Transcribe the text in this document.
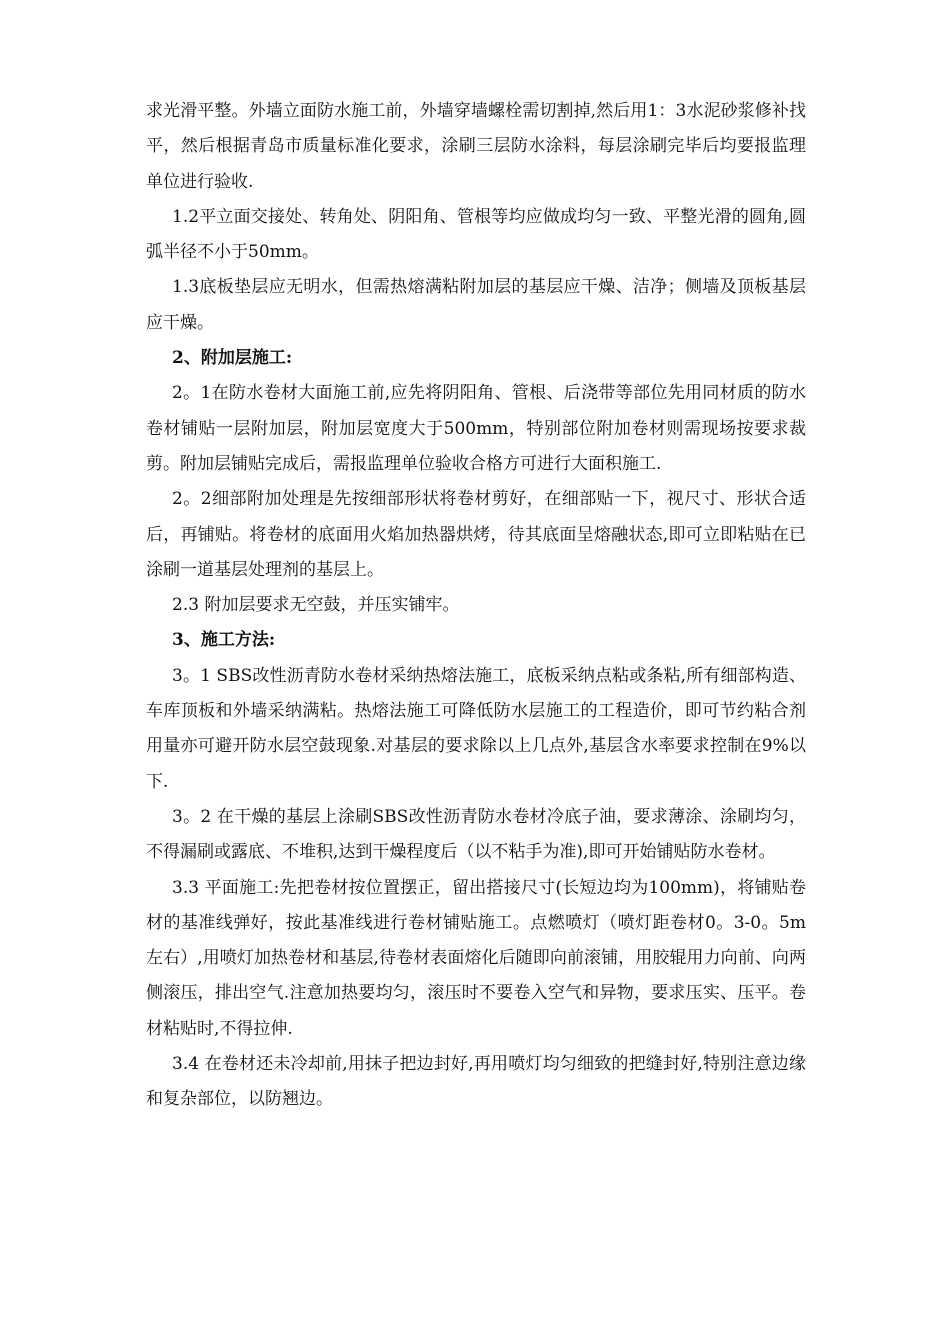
求光滑平整。外墙立面防水施工前，外墙穿墙螺栓需切割掉,然后用1：3水泥砂浆修补找平，然后根据青岛市质量标准化要求，涂刷三层防水涂料，每层涂刷完毕后均要报监理单位进行验收.

1.2平立面交接处、转角处、阴阳角、管根等均应做成均匀一致、平整光滑的圆角,圆弧半径不小于50mm。

1.3底板垫层应无明水，但需热熔满粘附加层的基层应干燥、洁净；侧墙及顶板基层应干燥。

2、附加层施工:

2。1在防水卷材大面施工前,应先将阴阳角、管根、后浇带等部位先用同材质的防水卷材铺贴一层附加层，附加层宽度大于500mm，特别部位附加卷材则需现场按要求裁剪。附加层铺贴完成后，需报监理单位验收合格方可进行大面积施工.

2。2细部附加处理是先按细部形状将卷材剪好，在细部贴一下，视尺寸、形状合适后，再铺贴。将卷材的底面用火焰加热器烘烤，待其底面呈熔融状态,即可立即粘贴在已涂刷一道基层处理剂的基层上。

2.3 附加层要求无空鼓，并压实铺牢。

3、施工方法:

3。1 SBS改性沥青防水卷材采纳热熔法施工，底板采纳点粘或条粘,所有细部构造、车库顶板和外墙采纳满粘。热熔法施工可降低防水层施工的工程造价，即可节约粘合剂用量亦可避开防水层空鼓现象.对基层的要求除以上几点外,基层含水率要求控制在9%以下.

3。2 在干燥的基层上涂刷SBS改性沥青防水卷材冷底子油，要求薄涂、涂刷均匀，不得漏刷或露底、不堆积,达到干燥程度后（以不粘手为准),即可开始铺贴防水卷材。

3.3 平面施工:先把卷材按位置摆正，留出搭接尺寸(长短边均为100mm)，将铺贴卷材的基准线弹好，按此基准线进行卷材铺贴施工。点燃喷灯（喷灯距卷材0。3-0。5m左右）,用喷灯加热卷材和基层,待卷材表面熔化后随即向前滚铺，用胶辊用力向前、向两侧滚压，排出空气.注意加热要均匀，滚压时不要卷入空气和异物，要求压实、压平。卷材粘贴时,不得拉伸.

3.4 在卷材还未冷却前,用抹子把边封好,再用喷灯均匀细致的把缝封好,特别注意边缘和复杂部位，以防翘边。
